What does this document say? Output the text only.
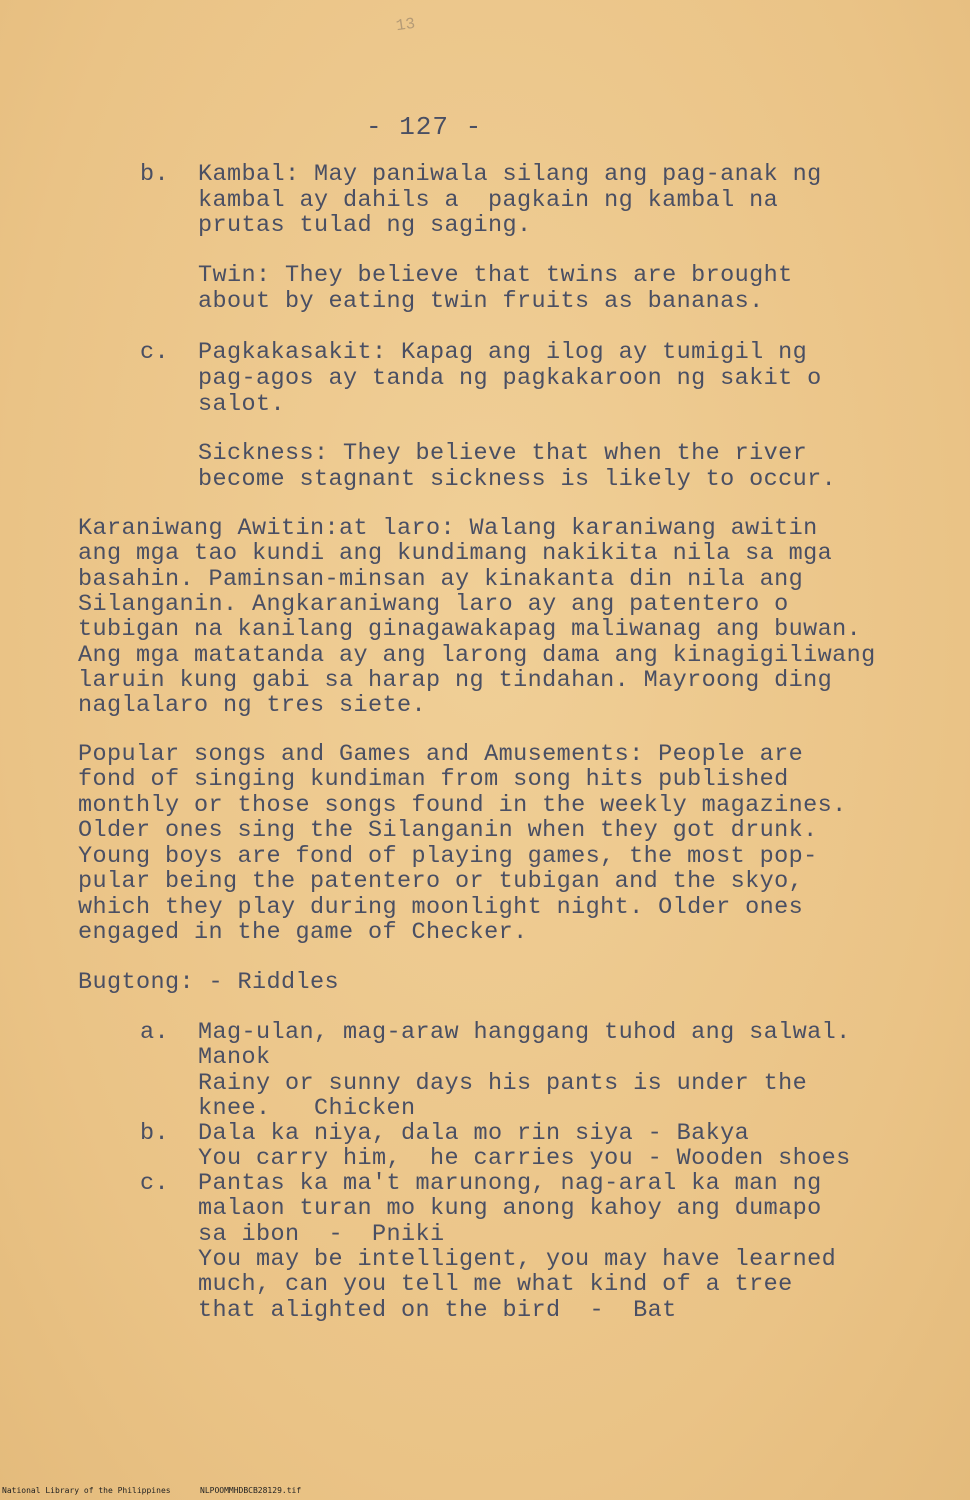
13
- 127 -
b. Kambal: May paniwala silang ang pag-anak ng
kambal ay dahils a  pagkain ng kambal na
prutas tulad ng saging.
Twin: They believe that twins are brought
about by eating twin fruits as bananas.
c. Pagkakasakit: Kapag ang ilog ay tumigil ng
pag-agos ay tanda ng pagkakaroon ng sakit o
salot.
Sickness: They believe that when the river
become stagnant sickness is likely to occur.
Karaniwang Awitin:at laro: Walang karaniwang awitin
ang mga tao kundi ang kundimang nakikita nila sa mga
basahin. Paminsan-minsan ay kinakanta din nila ang
Silanganin. Angkaraniwang laro ay ang patentero o
tubigan na kanilang ginagawakapag maliwanag ang buwan.
Ang mga matatanda ay ang larong dama ang kinagigiliwang
laruin kung gabi sa harap ng tindahan. Mayroong ding
naglalaro ng tres siete.
Popular songs and Games and Amusements: People are
fond of singing kundiman from song hits published
monthly or those songs found in the weekly magazines.
Older ones sing the Silanganin when they got drunk.
Young boys are fond of playing games, the most pop-
pular being the patentero or tubigan and the skyo,
which they play during moonlight night. Older ones
engaged in the game of Checker.
Bugtong: - Riddles
a. Mag-ulan, mag-araw hanggang tuhod ang salwal.
Manok
Rainy or sunny days his pants is under the
knee.   Chicken
b. Dala ka niya, dala mo rin siya - Bakya
You carry him,  he carries you - Wooden shoes
c. Pantas ka ma't marunong, nag-aral ka man ng
malaon turan mo kung anong kahoy ang dumapo
sa ibon  -  Pniki
You may be intelligent, you may have learned
much, can you tell me what kind of a tree
that alighted on the bird  -  Bat
National Library of the Philippines	NLPOOMMHDBCB28129.tif
